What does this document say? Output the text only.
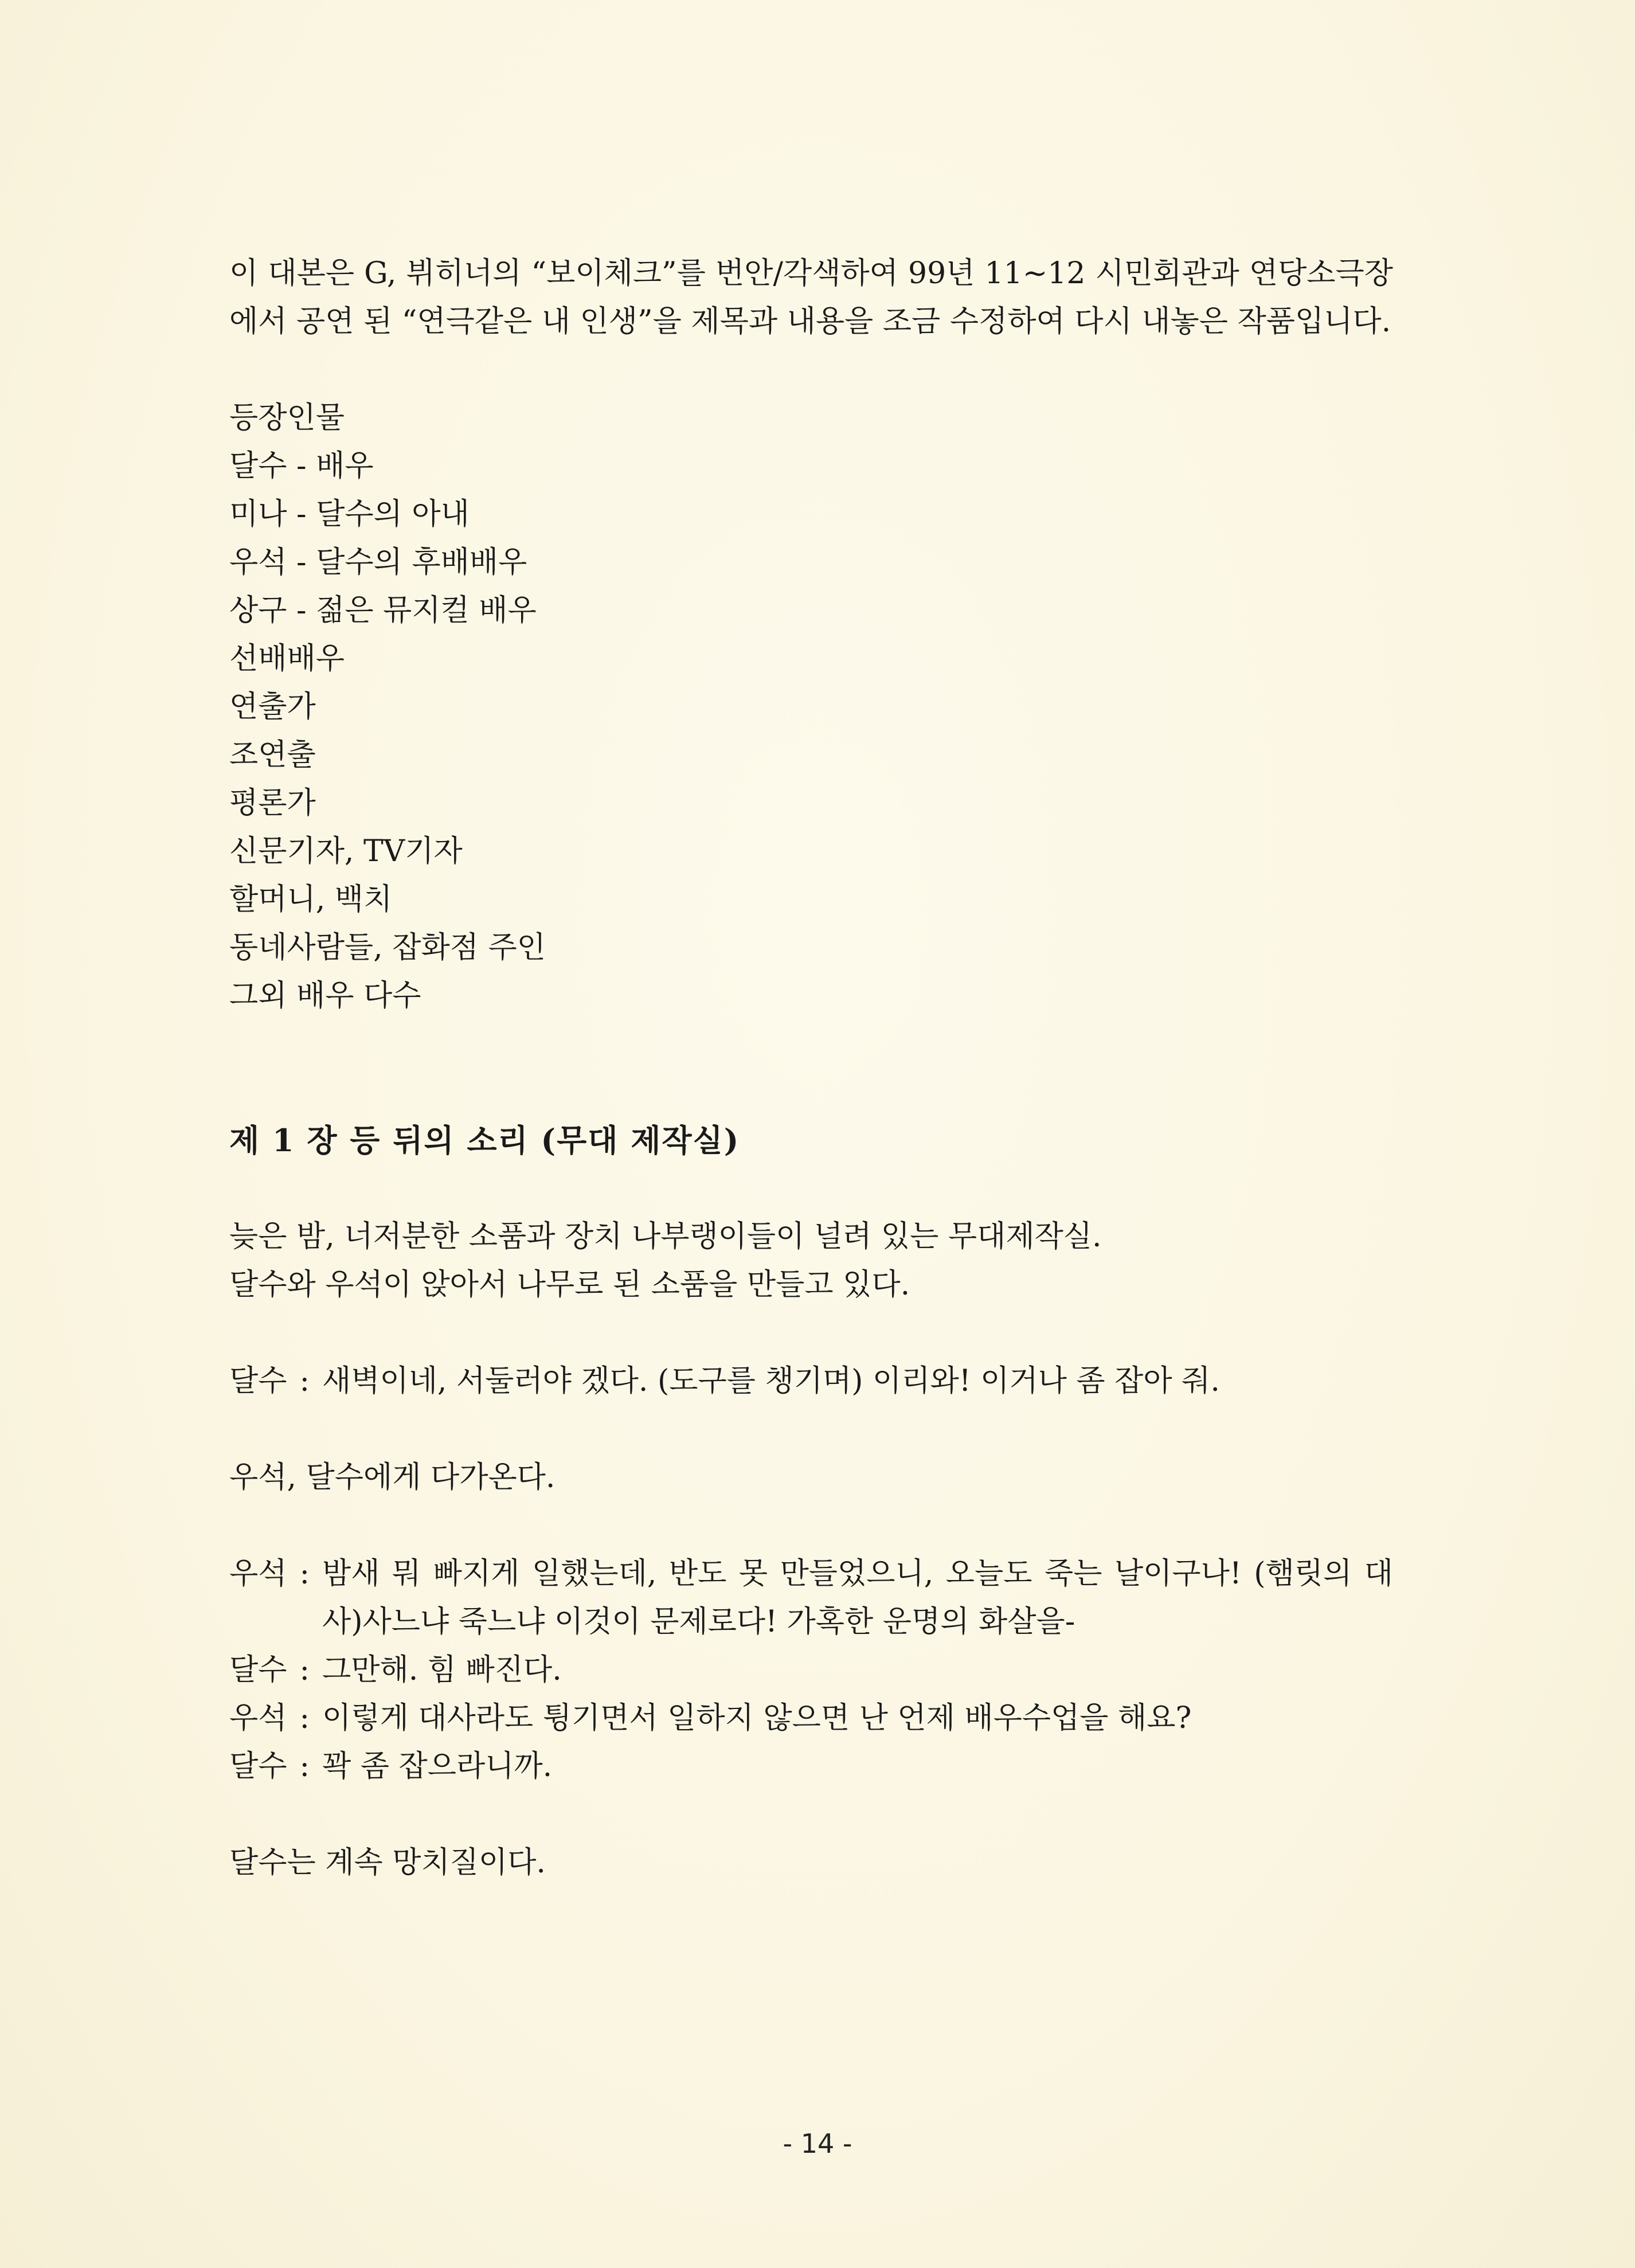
이 대본은 G, 뷔히너의 “보이체크”를 번안/각색하여 99년 11~12 시민회관과 연당소극장에서 공연 된 “연극같은 내 인생”을 제목과 내용을 조금 수정하여 다시 내놓은 작품입니다.

등장인물

달수 - 배우
미나 - 달수의 아내
우석 - 달수의 후배배우
상구 - 젊은 뮤지컬 배우
선배배우
연출가
조연출
평론가
신문기자, TV기자
할머니, 백치
동네사람들, 잡화점 주인
그외 배우 다수

제 1 장 등 뒤의 소리 (무대 제작실)

늦은 밤, 너저분한 소품과 장치 나부랭이들이 널려 있는 무대제작실.

달수와 우석이 앉아서 나무로 된 소품을 만들고 있다.

달수 : 새벽이네, 서둘러야 겠다. (도구를 챙기며) 이리와! 이거나 좀 잡아 줘.

우석, 달수에게 다가온다.

우석 : 밤새 뭐 빠지게 일했는데, 반도 못 만들었으니, 오늘도 죽는 날이구나! (햄릿의 대사)사느냐 죽느냐 이것이 문제로다! 가혹한 운명의 화살을-
달수 : 그만해. 힘 빠진다.
우석 : 이렇게 대사라도 튕기면서 일하지 않으면 난 언제 배우수업을 해요?
달수 : 꽉 좀 잡으라니까.

달수는 계속 망치질이다.

- 14 -
